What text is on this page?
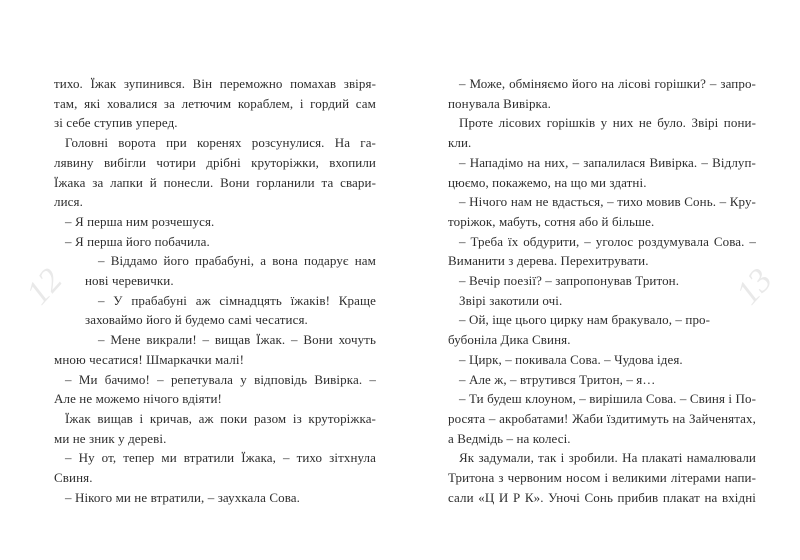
12
тихо. Їжак зупинився. Він переможно помахав звіря-
там, які ховалися за летючим кораблем, і гордий сам
зі себе ступив уперед.
Головні ворота при коренях розсунулися. На га-
лявину вибігли чотири дрібні круторіжки, вхопили
Їжака за лапки й понесли. Вони горланили та свари-
лися.
– Я перша ним розчешуся.
– Я перша його побачила.
– Віддамо його прабабуні, а вона подарує нам
нові черевички.
– У прабабуні аж сімнадцять їжаків! Краще
заховаймо його й будемо самі чесатися.
– Мене викрали! – вищав Їжак. – Вони хочуть
мною чесатися! Шмаркачки малі!
– Ми бачимо! – репетувала у відповідь Вивірка. –
Але не можемо нічого вдіяти!
Їжак вищав і кричав, аж поки разом із круторіжка-
ми не зник у дереві.
– Ну от, тепер ми втратили Їжака, – тихо зітхнула
Свиня.
– Нікого ми не втратили, – заухкала Сова.
13
– Може, обміняємо його на лісові горішки? – запро-
понувала Вивірка.
Проте лісових горішків у них не було. Звірі пони-
кли.
– Нападімо на них, – запалилася Вивірка. – Відлуп-
цюємо, покажемо, на що ми здатні.
– Нічого нам не вдасться, – тихо мовив Сонь. – Кру-
торіжок, мабуть, сотня або й більше.
– Треба їх обдурити, – уголос роздумувала Сова. –
Виманити з дерева. Перехитрувати.
– Вечір поезії? – запропонував Тритон.
Звірі закотили очі.
– Ой, іще цього цирку нам бракувало, – про-
бубоніла Дика Свиня.
– Цирк, – покивала Сова. – Чудова ідея.
– Але ж, – втрутився Тритон, – я…
– Ти будеш клоуном, – вирішила Сова. – Свиня і По-
росята – акробатами! Жаби їздитимуть на Зайченятах,
а Ведмідь – на колесі.
Як задумали, так і зробили. На плакаті намалювали
Тритона з червоним носом і великими літерами напи-
сали «Ц И Р К». Уночі Сонь прибив плакат на вхідні
